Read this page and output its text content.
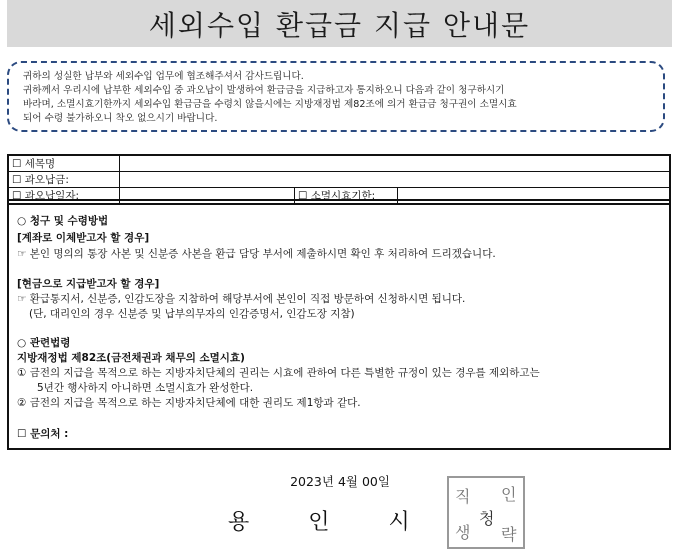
세외수입 환급금 지급 안내문

귀하의 성실한 납부와 세외수입 업무에 협조해주셔서 감사드립니다.

귀하께서 우리시에 납부한 세외수입 중 과오납이 발생하여 환급금을 지급하고자 통지하오니 다음과 같이 청구하시기

바라며, 소멸시효기한까지 세외수입 환급금을 수령치 않을시에는 지방재정법 제82조에 의거 환급금 청구권이 소멸시효

되어 수령 불가하오니 착오 없으시기 바랍니다.

☐ 세목명			
☐ 과오납금:			
☐ 과오납일자:		☐ 소멸시효기한:	
○ 청구 및 수령방법
[계좌로 이체받고자 할 경우]
☞ 본인 명의의 통장 사본 및 신분증 사본을 환급 담당 부서에 제출하시면 확인 후 처리하여 드리겠습니다.
[현금으로 지급받고자 할 경우]
☞ 환급통지서, 신분증, 인감도장을 지참하여 해당부서에 본인이 직접 방문하여 신청하시면 됩니다.
(단, 대리인의 경우 신분증 및 납부의무자의 인감증명서, 인감도장 지참)
○ 관련법령
지방재정법 제82조(금전채권과 채무의 소멸시효)
① 금전의 지급을 목적으로 하는 지방자치단체의 권리는 시효에 관하여 다른 특별한 규정이 있는 경우를 제외하고는
5년간 행사하지 아니하면 소멸시효가 완성한다.
② 금전의 지급을 목적으로 하는 지방자치단체에 대한 권리도 제1항과 같다.
☐ 문의처 :
2023년 4월 00일
용 인 시
직 인
청
생 략
